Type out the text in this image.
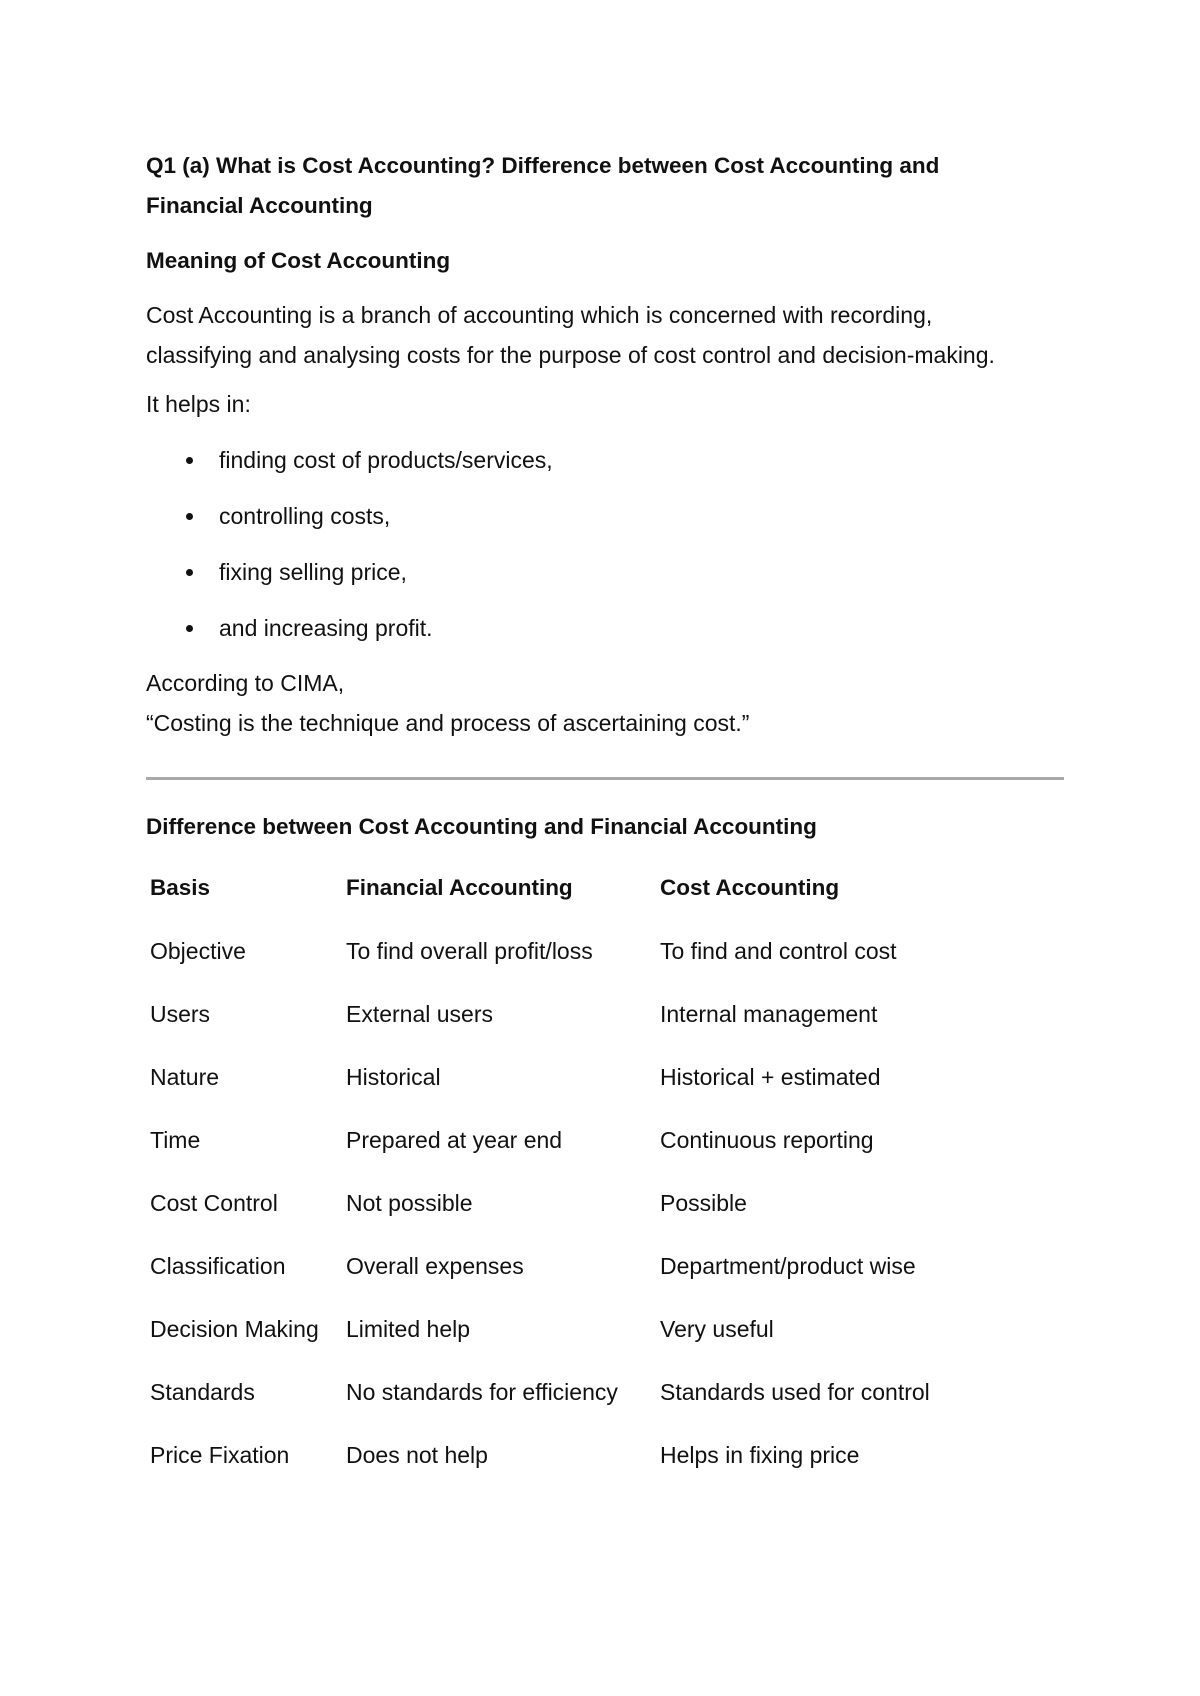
Q1 (a) What is Cost Accounting? Difference between Cost Accounting and Financial Accounting

Meaning of Cost Accounting

Cost Accounting is a branch of accounting which is concerned with recording, classifying and analysing costs for the purpose of cost control and decision-making.

It helps in:

finding cost of products/services,
controlling costs,
fixing selling price,
and increasing profit.

According to CIMA,

“Costing is the technique and process of ascertaining cost.”

Difference between Cost Accounting and Financial Accounting

Basis	Financial Accounting	Cost Accounting
Objective	To find overall profit/loss	To find and control cost
Users	External users	Internal management
Nature	Historical	Historical + estimated
Time	Prepared at year end	Continuous reporting
Cost Control	Not possible	Possible
Classification	Overall expenses	Department/product wise
Decision Making	Limited help	Very useful
Standards	No standards for efficiency	Standards used for control
Price Fixation	Does not help	Helps in fixing price
